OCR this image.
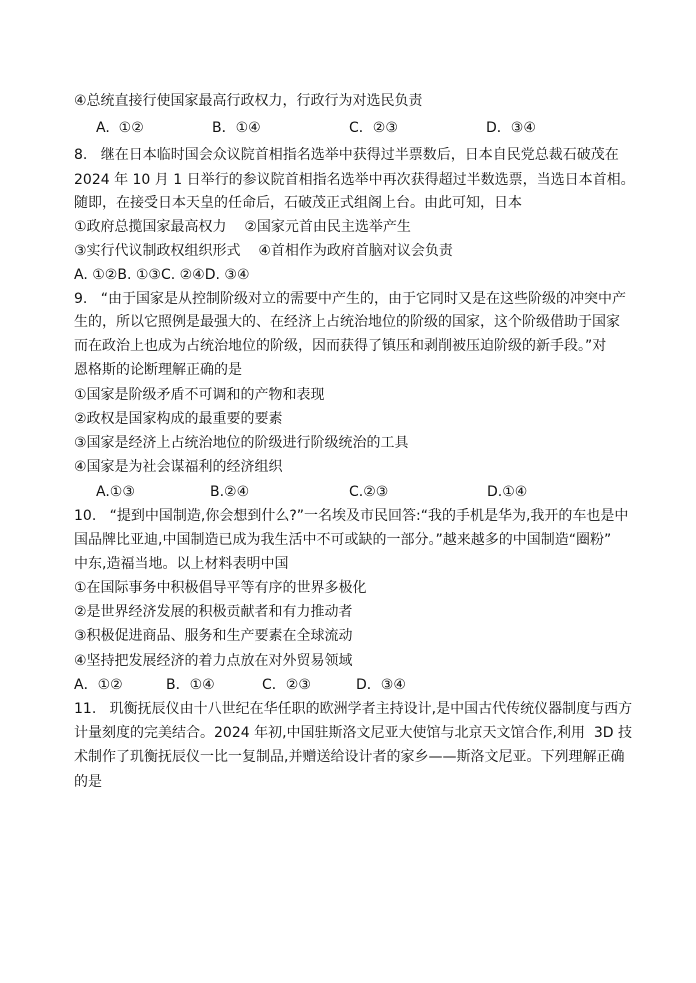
④总统直接行使国家最高行政权力，行政行为对选民负责
A.  ①②	B．①④	C．②③	D．③④
8.   继在日本临时国会众议院首相指名选举中获得过半票数后，日本自民党总裁石破茂在
2024 年 10 月 1 日举行的参议院首相指名选举中再次获得超过半数选票，当选日本首相。
随即，在接受日本天皇的任命后，石破茂正式组阁上台。由此可知，日本
①政府总揽国家最高权力    ②国家元首由民主选举产生
③实行代议制政权组织形式    ④首相作为政府首脑对议会负责
A. ①②B. ①③C. ②④D. ③④
9.   “由于国家是从控制阶级对立的需要中产生的，由于它同时又是在这些阶级的冲突中产
生的，所以它照例是最强大的、在经济上占统治地位的阶级的国家，这个阶级借助于国家
而在政治上也成为占统治地位的阶级，因而获得了镇压和剥削被压迫阶级的新手段。”对
恩格斯的论断理解正确的是
①国家是阶级矛盾不可调和的产物和表现
②政权是国家构成的最重要的要素
③国家是经济上占统治地位的阶级进行阶级统治的工具
④国家是为社会谋福利的经济组织
A.①③	B.②④	C.②③	D.①④
10.   “提到中国制造,你会想到什么?”一名埃及市民回答:“我的手机是华为,我开的车也是中
国品牌比亚迪,中国制造已成为我生活中不可或缺的一部分。”越来越多的中国制造“圈粉”
中东,造福当地。以上材料表明中国
①在国际事务中积极倡导平等有序的世界多极化
②是世界经济发展的积极贡献者和有力推动者
③积极促进商品、服务和生产要素在全球流动
④坚持把发展经济的着力点放在对外贸易领域
A．①②	B．①④	C．②③	D．③④
11.   玑衡抚辰仪由十八世纪在华任职的欧洲学者主持设计,是中国古代传统仪器制度与西方
计量刻度的完美结合。2024 年初,中国驻斯洛文尼亚大使馆与北京天文馆合作,利用  3D 技
术制作了玑衡抚辰仪一比一复制品,并赠送给设计者的家乡——斯洛文尼亚。下列理解正确
的是
